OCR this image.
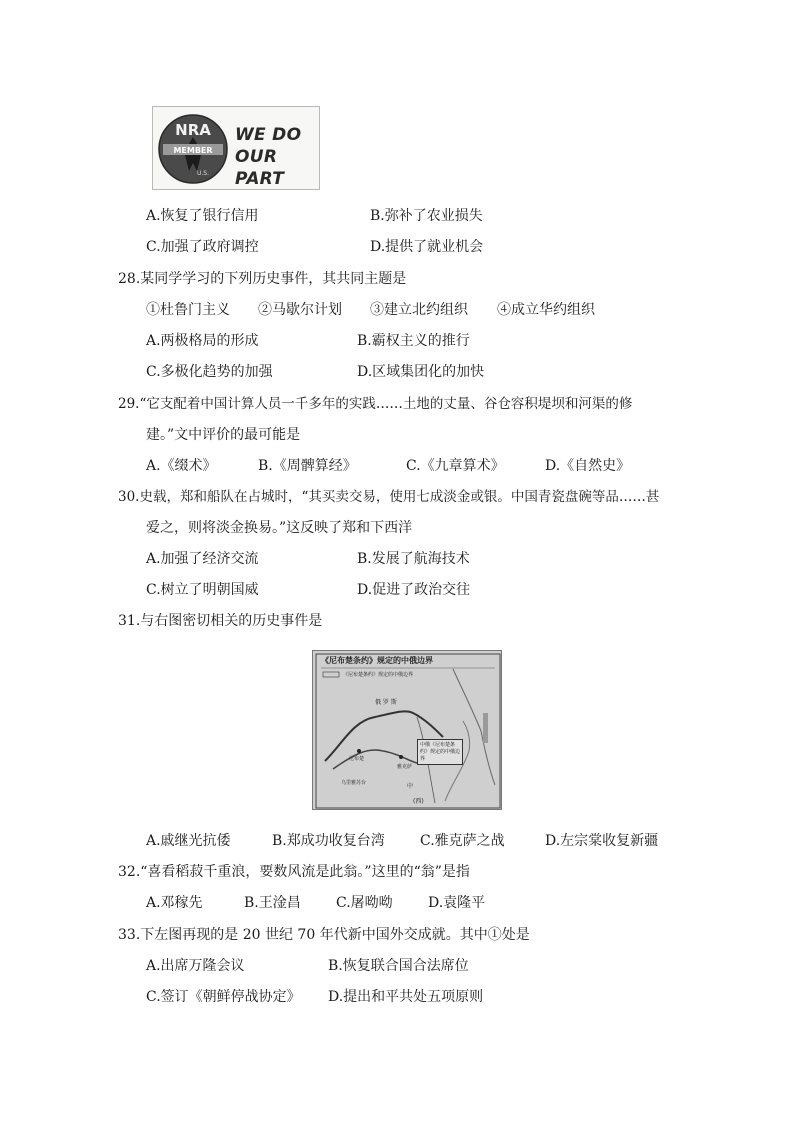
NRA
MEMBER
U.S.
WE DO OUR PART
A.恢复了银行信用	B.弥补了农业损失
C.加强了政府调控	D.提供了就业机会
28.某同学学习的下列历史事件，其共同主题是
①杜鲁门主义 ②马歇尔计划 ③建立北约组织 ④成立华约组织
A.两极格局的形成	B.霸权主义的推行
C.多极化趋势的加强	D.区域集团化的加快
29.“它支配着中国计算人员一千多年的实践……土地的丈量、谷仓容积堤坝和河渠的修
建。”文中评价的最可能是
A.《缀术》	B.《周髀算经》	C.《九章算术》	D.《自然史》
30.史载，郑和船队在占城时，“其买卖交易，使用七成淡金或银。中国青瓷盘碗等品……甚
爱之，则将淡金换易。”这反映了郑和下西洋
A.加强了经济交流	B.发展了航海技术
C.树立了明朝国威	D.促进了政治交往
31.与右图密切相关的历史事件是
《尼布楚条约》规定的中俄边界
《尼布楚条约》规定的中俄边界
俄 罗 斯
中
(西)
尼布楚
乌里雅苏台
雅克萨
中俄《尼布楚条约》规定的中俄边界
A.戚继光抗倭	B.郑成功收复台湾	C.雅克萨之战	D.左宗棠收复新疆
32.“喜看稻菽千重浪，要数风流是此翁。”这里的“翁”是指
A.邓稼先	B.王淦昌	C.屠呦呦	D.袁隆平
33.下左图再现的是 20 世纪 70 年代新中国外交成就。其中①处是
A.出席万隆会议	B.恢复联合国合法席位
C.签订《朝鲜停战协定》 D.提出和平共处五项原则
